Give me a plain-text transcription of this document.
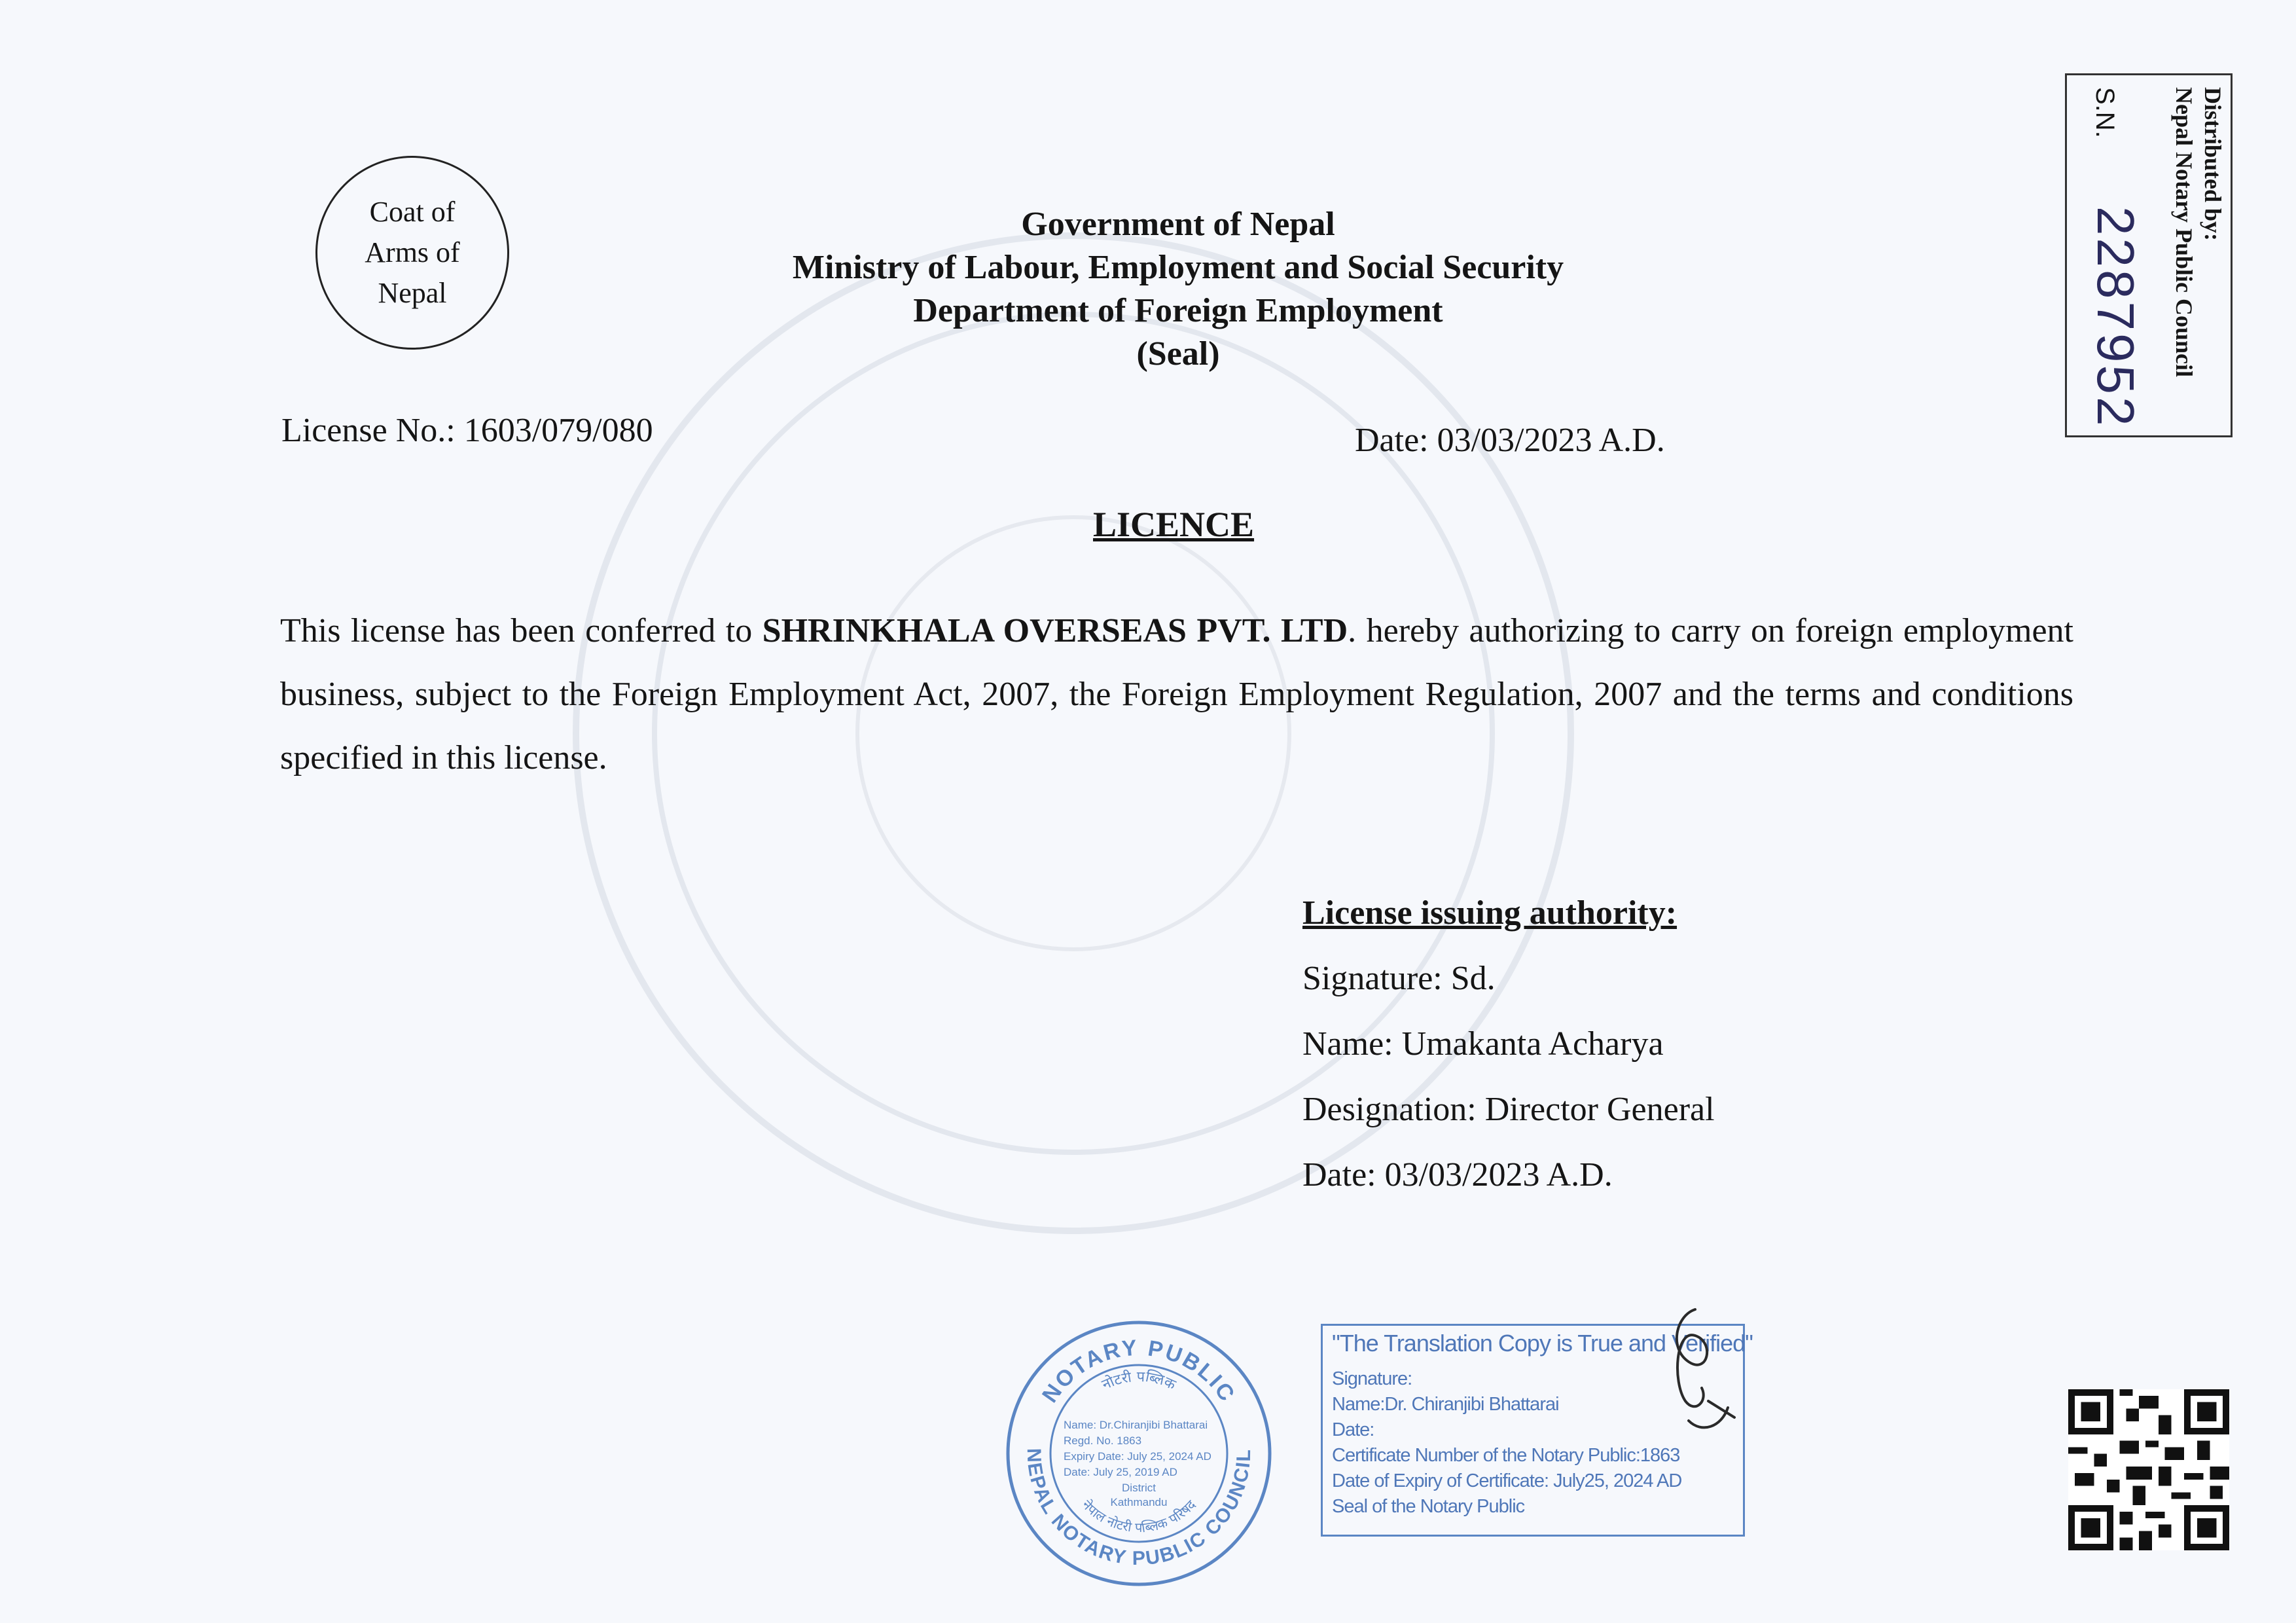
Coat of
Arms of
Nepal
Government of Nepal
Ministry of Labour, Employment and Social Security
Department of Foreign Employment
(Seal)
Distributed by:
Nepal Notary Public Council
S.N.
2287952
License No.: 1603/079/080	Date: 03/03/2023 A.D.
LICENCE
This license has been conferred to SHRINKHALA OVERSEAS PVT. LTD. hereby authorizing to carry on foreign employment business, subject to the Foreign Employment Act, 2007, the Foreign Employment Regulation, 2007 and the terms and conditions specified in this license.
License issuing authority:
Signature: Sd.
Name: Umakanta Acharya
Designation: Director General
Date: 03/03/2023 A.D.
NOTARY PUBLIC
NEPAL NOTARY PUBLIC COUNCIL
नोटरी पब्लिक
नेपाल नोटरी पब्लिक परिषद
Name: Dr.Chiranjibi Bhattarai
Regd. No. 1863
Expiry Date: July 25, 2024 AD
Date: July 25, 2019 AD
District
Kathmandu
"The Translation Copy is True and Verified"
Signature:
Name:Dr. Chiranjibi Bhattarai
Date:
Certificate Number of the Notary Public:1863
Date of Expiry of Certificate: July25, 2024 AD
Seal of the Notary Public
